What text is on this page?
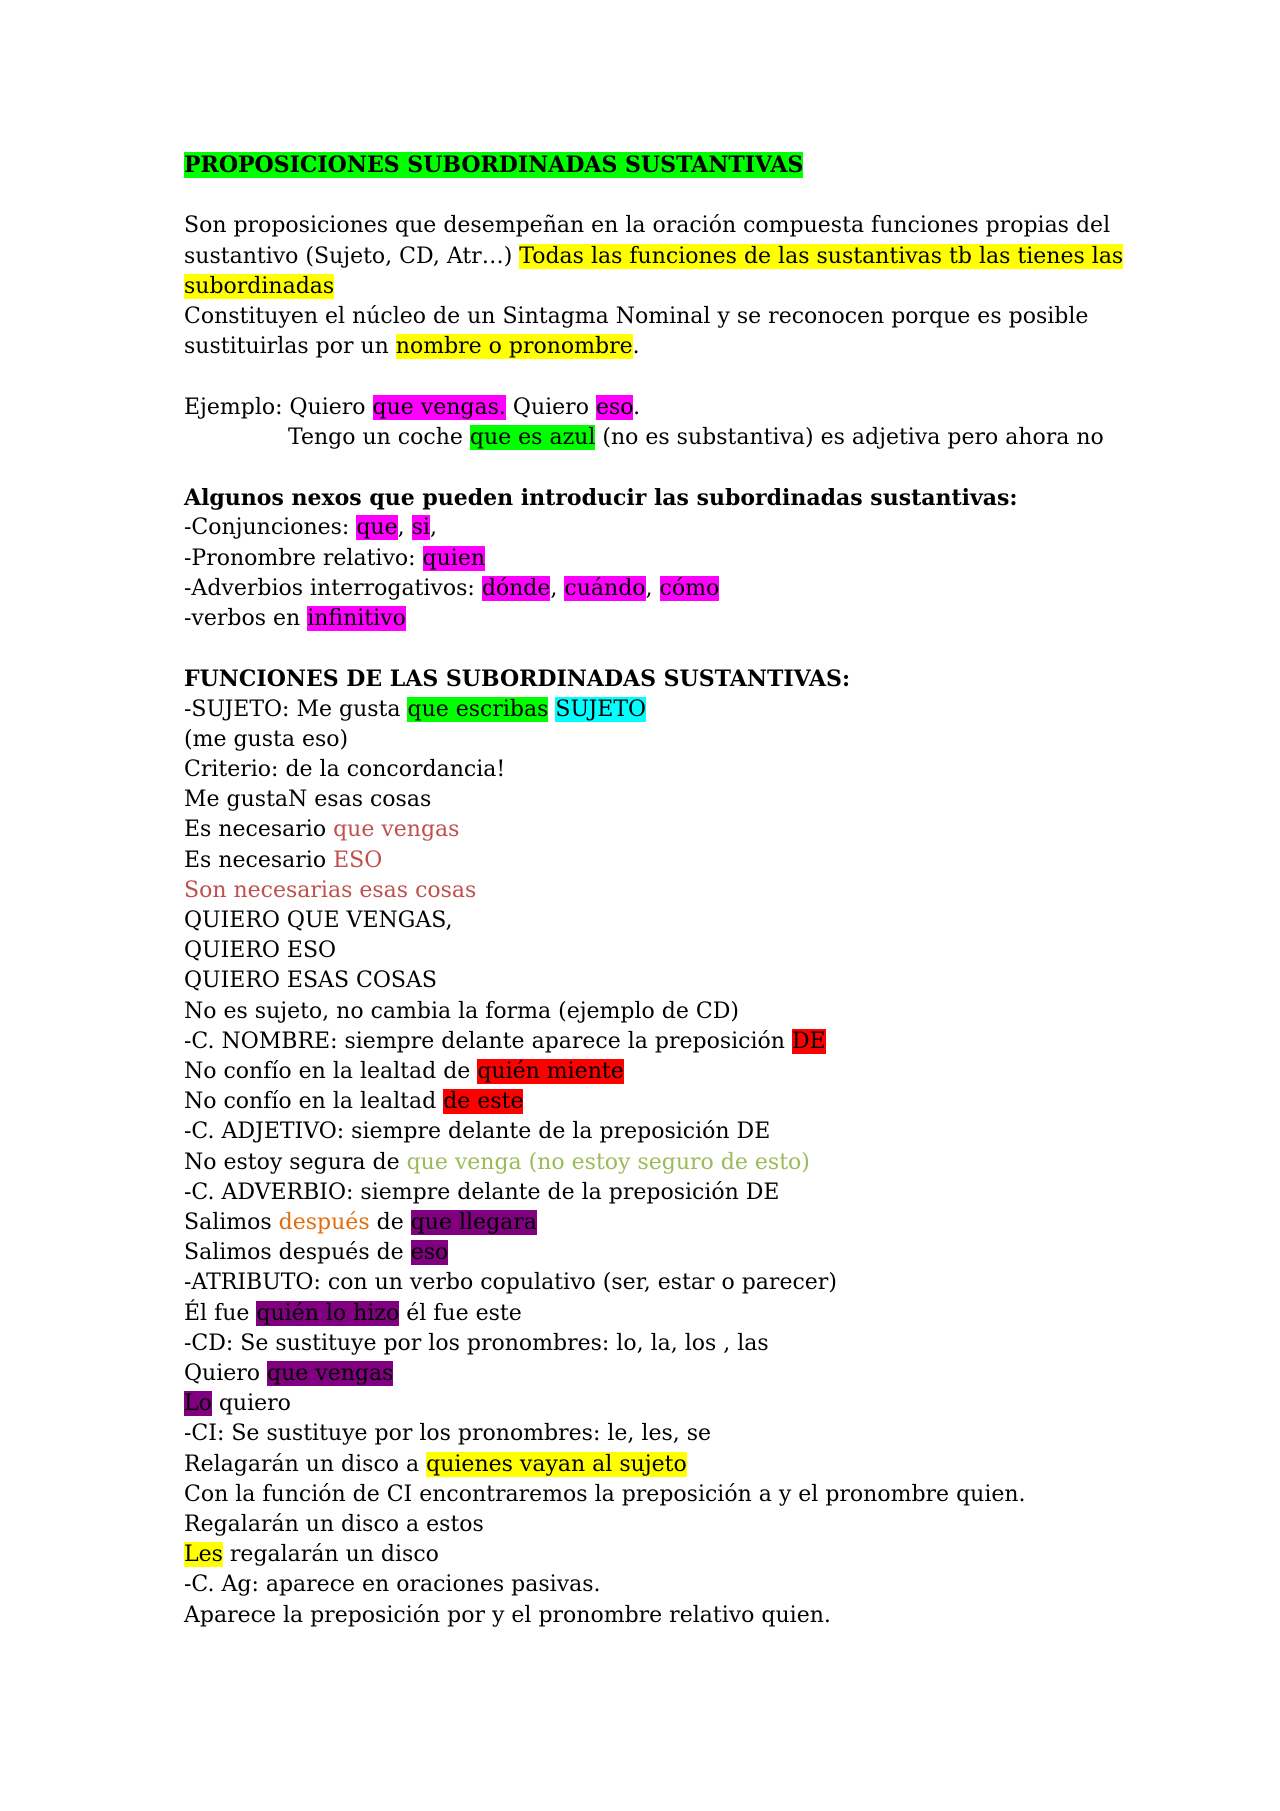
PROPOSICIONES SUBORDINADAS SUSTANTIVAS
Son proposiciones que desempeñan en la oración compuesta funciones propias del sustantivo (Sujeto, CD, Atr…) Todas las funciones de las sustantivas tb las tienes las subordinadas
Constituyen el núcleo de un Sintagma Nominal y se reconocen porque es posible
sustituirlas por un nombre o pronombre.
Ejemplo: Quiero que vengas. Quiero eso.
Tengo un coche que es azul (no es substantiva) es adjetiva pero ahora no
Algunos nexos que pueden introducir las subordinadas sustantivas:
-Conjunciones: que, si,
-Pronombre relativo: quien
-Adverbios interrogativos: dónde, cuándo, cómo
-verbos en infinitivo
FUNCIONES DE LAS SUBORDINADAS SUSTANTIVAS:
-SUJETO: Me gusta que escribas SUJETO
(me gusta eso)
Criterio: de la concordancia!
Me gustaN esas cosas
Es necesario que vengas
Es necesario ESO
Son necesarias esas cosas
QUIERO QUE VENGAS,
QUIERO ESO
QUIERO ESAS COSAS
No es sujeto, no cambia la forma (ejemplo de CD)
-C. NOMBRE: siempre delante aparece la preposición DE
No confío en la lealtad de quién miente
No confío en la lealtad de este
-C. ADJETIVO: siempre delante de la preposición DE
No estoy segura de que venga (no estoy seguro de esto)
-C. ADVERBIO: siempre delante de la preposición DE
Salimos después de que llegara
Salimos después de eso
-ATRIBUTO: con un verbo copulativo (ser, estar o parecer)
Él fue quién lo hizo él fue este
-CD: Se sustituye por los pronombres: lo, la, los , las
Quiero que vengas
Lo quiero
-CI: Se sustituye por los pronombres: le, les, se
Relagarán un disco a quienes vayan al sujeto
Con la función de CI encontraremos la preposición a y el pronombre quien.
Regalarán un disco a estos
Les regalarán un disco
-C. Ag: aparece en oraciones pasivas.
Aparece la preposición por y el pronombre relativo quien.
